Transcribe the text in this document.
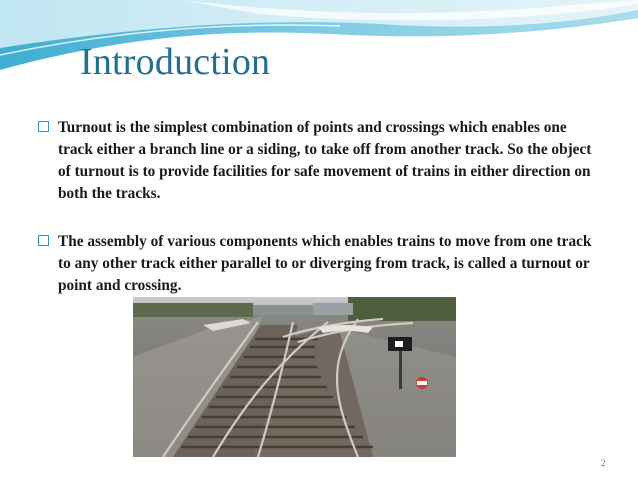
Introduction
Turnout is the simplest combination of points and crossings which enables one track either a branch line or a siding, to take off from another track. So the object of turnout is to provide facilities for safe movement of trains in either direction on both the tracks.
The assembly of various components which enables trains to move from one track to any other track either parallel to or diverging from track, is called a turnout or point and crossing.
2
